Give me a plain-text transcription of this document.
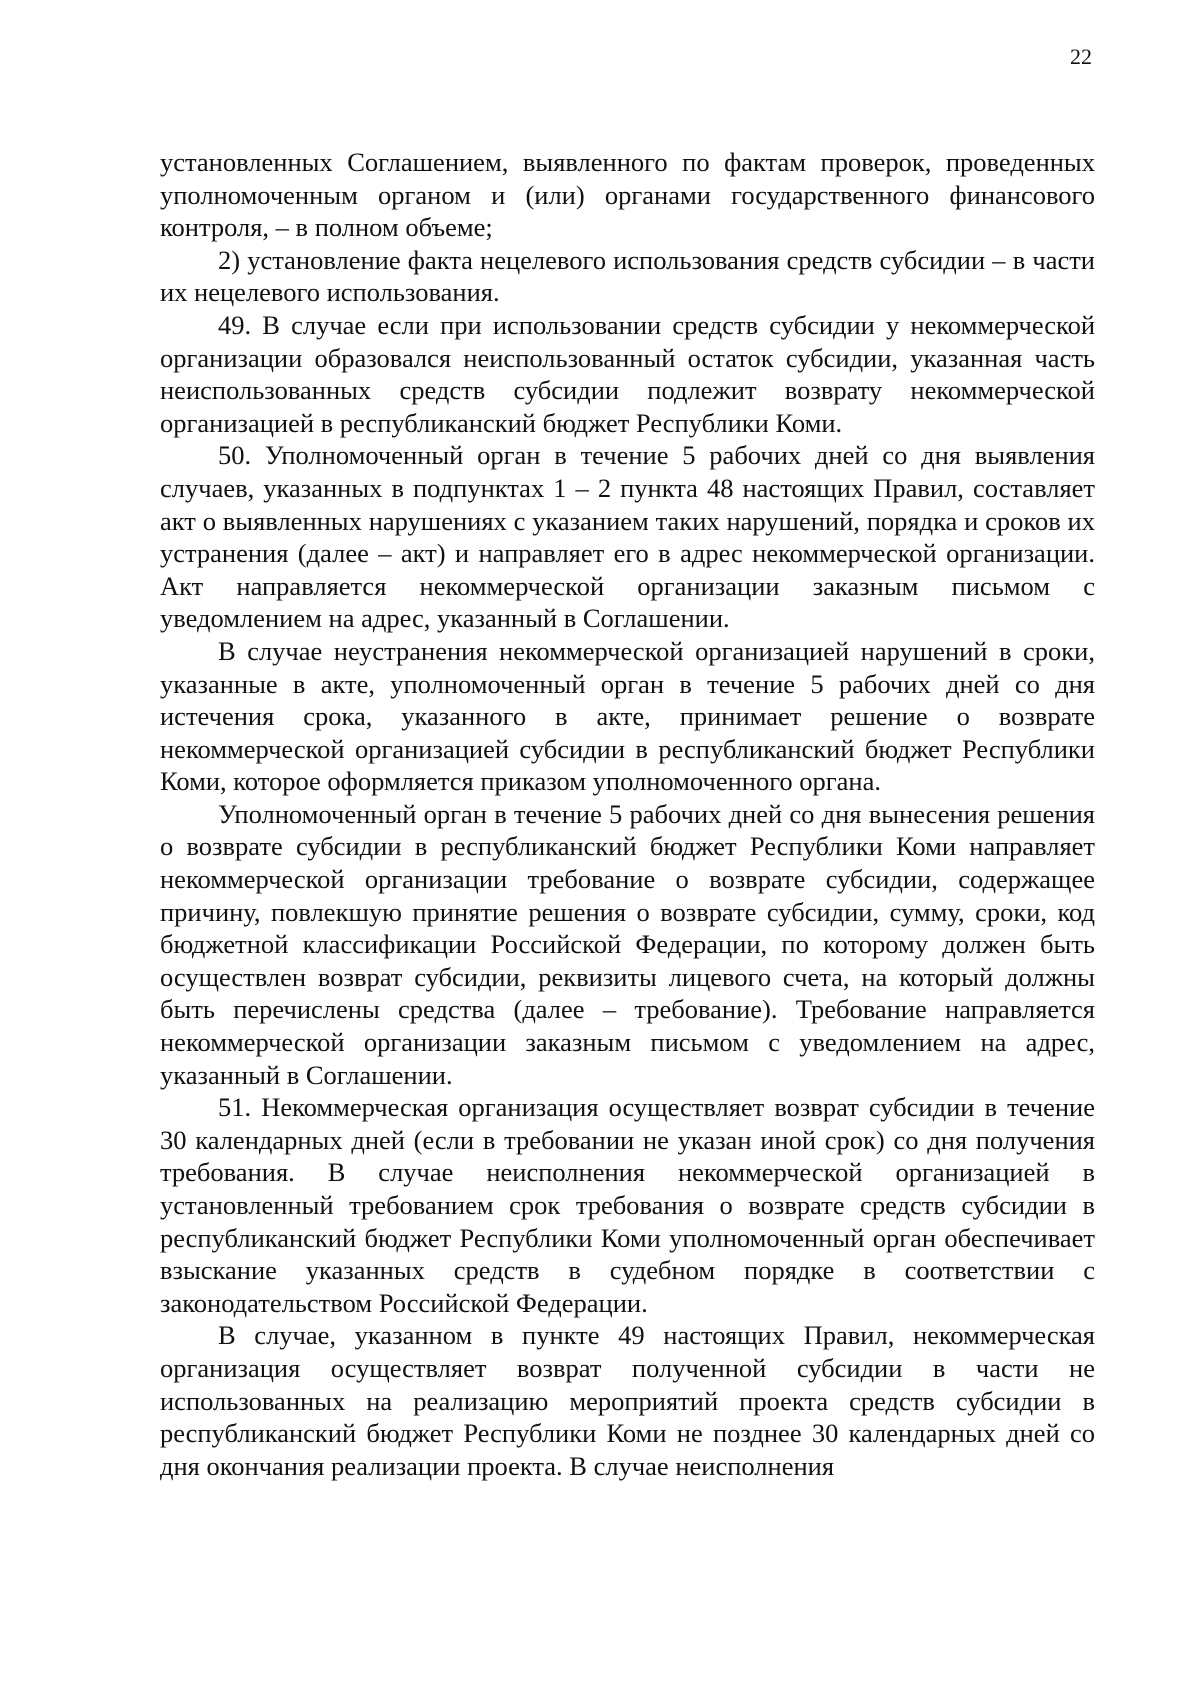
22

установленных Соглашением, выявленного по фактам проверок, проведенных уполномоченным органом и (или) органами государственного финансового контроля, – в полном объеме;

2) установление факта нецелевого использования средств субсидии – в части их нецелевого использования.

49. В случае если при использовании средств субсидии у некоммерческой организации образовался неиспользованный остаток субсидии, указанная часть неиспользованных средств субсидии подлежит возврату некоммерческой организацией в республиканский бюджет Республики Коми.

50. Уполномоченный орган в течение 5 рабочих дней со дня выявления случаев, указанных в подпунктах 1 – 2 пункта 48 настоящих Правил, составляет акт о выявленных нарушениях с указанием таких нарушений, порядка и сроков их устранения (далее – акт) и направляет его в адрес некоммерческой организации. Акт направляется некоммерческой организации заказным письмом с уведомлением на адрес, указанный в Соглашении.

В случае неустранения некоммерческой организацией нарушений в сроки, указанные в акте, уполномоченный орган в течение 5 рабочих дней со дня истечения срока, указанного в акте, принимает решение о возврате некоммерческой организацией субсидии в республиканский бюджет Республики Коми, которое оформляется приказом уполномоченного органа.

Уполномоченный орган в течение 5 рабочих дней со дня вынесения решения о возврате субсидии в республиканский бюджет Республики Коми направляет некоммерческой организации требование о возврате субсидии, содержащее причину, повлекшую принятие решения о возврате субсидии, сумму, сроки, код бюджетной классификации Российской Федерации, по которому должен быть осуществлен возврат субсидии, реквизиты лицевого счета, на который должны быть перечислены средства (далее – требование). Требование направляется некоммерческой организации заказным письмом с уведомлением на адрес, указанный в Соглашении.

51. Некоммерческая организация осуществляет возврат субсидии в течение 30 календарных дней (если в требовании не указан иной срок) со дня получения требования. В случае неисполнения некоммерческой организацией в установленный требованием срок требования о возврате средств субсидии в республиканский бюджет Республики Коми уполномоченный орган обеспечивает взыскание указанных средств в судебном порядке в соответствии с законодательством Российской Федерации.

В случае, указанном в пункте 49 настоящих Правил, некоммерческая организация осуществляет возврат полученной субсидии в части не использованных на реализацию мероприятий проекта средств субсидии в республиканский бюджет Республики Коми не позднее 30 календарных дней со дня окончания реализации проекта. В случае неисполнения
